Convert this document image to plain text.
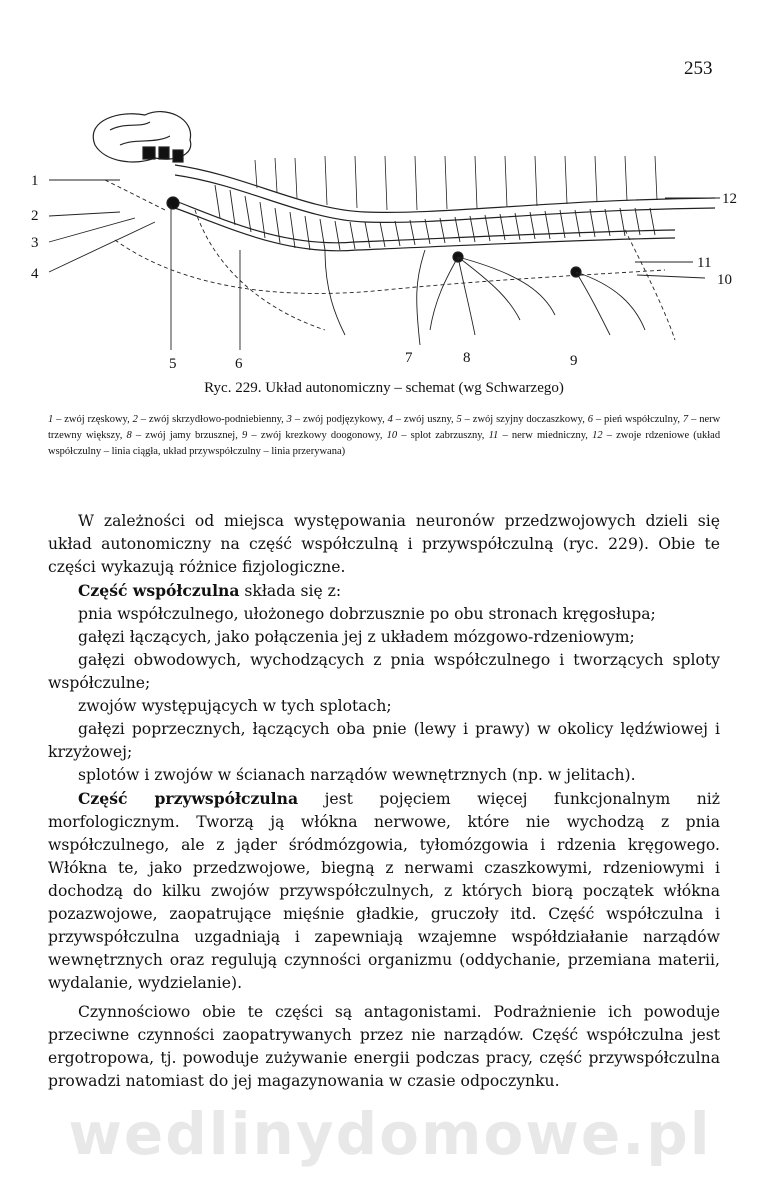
253
1
2
3
4
5	6	7	8	9
10
11
12
Ryc. 229. Układ autonomiczny – schemat (wg Schwarzego)
1 – zwój rzęskowy, 2 – zwój skrzydłowo-podniebienny, 3 – zwój podjęzykowy, 4 – zwój uszny, 5 – zwój szyjny doczaszkowy, 6 – pień współczulny, 7 – nerw trzewny większy, 8 – zwój jamy brzusznej, 9 – zwój krezkowy doogonowy, 10 – splot zabrzuszny, 11 – nerw miedniczny, 12 – zwoje rdzeniowe (układ współczulny – linia ciągła, układ przywspółczulny – linia przerywana)

W zależności od miejsca występowania neuronów przedzwojowych dzieli się układ autonomiczny na część współczulną i przywspółczulną (ryc. 229). Obie te części wykazują różnice fizjologiczne.

Część współczulna składa się z:

pnia współczulnego, ułożonego dobrzusznie po obu stronach kręgosłupa;

gałęzi łączących, jako połączenia jej z układem mózgowo-rdzeniowym;

gałęzi obwodowych, wychodzących z pnia współczulnego i tworzących sploty współczulne;

zwojów występujących w tych splotach;

gałęzi poprzecznych, łączących oba pnie (lewy i prawy) w okolicy lędźwiowej i krzyżowej;

splotów i zwojów w ścianach narządów wewnętrznych (np. w jelitach).

Część przywspółczulna jest pojęciem więcej funkcjonalnym niż morfologicznym. Tworzą ją włókna nerwowe, które nie wychodzą z pnia współczulnego, ale z jąder śródmózgowia, tyłomózgowia i rdzenia kręgowego. Włókna te, jako przedzwojowe, biegną z nerwami czaszkowymi, rdzeniowymi i dochodzą do kilku zwojów przywspółczulnych, z których biorą początek włókna pozazwojowe, zaopatrujące mięśnie gładkie, gruczoły itd. Część współczulna i przywspółczulna uzgadniają i zapewniają wzajemne współdziałanie narządów wewnętrznych oraz regulują czynności organizmu (oddychanie, przemiana materii, wydalanie, wydzielanie).

Czynnościowo obie te części są antagonistami. Podrażnienie ich powoduje przeciwne czynności zaopatrywanych przez nie narządów. Część współczulna jest ergotropowa, tj. powoduje zużywanie energii podczas pracy, część przywspółczulna prowadzi natomiast do jej magazynowania w czasie odpoczynku.

wedlinydomowe.pl
